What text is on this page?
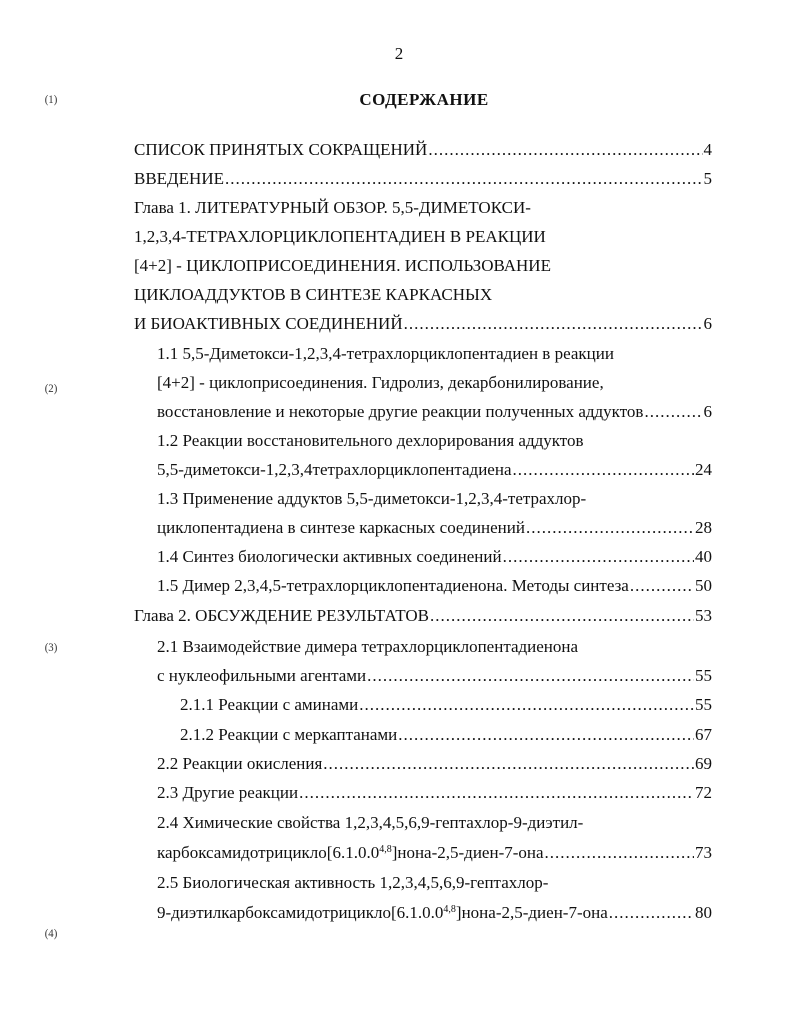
2
СОДЕРЖАНИЕ
(1)
(2)
(3)
(4)
СПИСОК ПРИНЯТЫХ СОКРАЩЕНИЙ .....	4
ВВЕДЕНИЕ .....	5
Глава 1. ЛИТЕРАТУРНЫЙ ОБЗОР. 5,5-ДИМЕТОКСИ-
1,2,3,4-ТЕТРАХЛОРЦИКЛОПЕНТАДИЕН В РЕАКЦИИ
[4+2] - ЦИКЛОПРИСОЕДИНЕНИЯ. ИСПОЛЬЗОВАНИЕ
ЦИКЛОАДДУКТОВ В СИНТЕЗЕ КАРКАСНЫХ
И БИОАКТИВНЫХ СОЕДИНЕНИЙ .....	6
1.1 5,5-Диметокси-1,2,3,4-тетрахлорциклопентадиен в реакции
[4+2] - циклоприсоединения. Гидролиз, декарбонилирование,
восстановление и некоторые другие реакции полученных аддуктов .....	6
1.2 Реакции восстановительного дехлорирования аддуктов
5,5-диметокси-1,2,3,4тетрахлорциклопентадиена .....	24
1.3 Применение аддуктов 5,5-диметокси-1,2,3,4-тетрахлор-
циклопентадиена в синтезе каркасных соединений .....	28
1.4 Синтез биологически активных соединений .....	40
1.5 Димер 2,3,4,5-тетрахлорциклопентадиенона. Методы синтеза .....	50
Глава 2. ОБСУЖДЕНИЕ РЕЗУЛЬТАТОВ .....	53
2.1 Взаимодействие димера тетрахлорциклопентадиенона
с нуклеофильными агентами .....	55
2.1.1 Реакции с аминами .....	55
2.1.2 Реакции с меркаптанами .....	67
2.2 Реакции окисления .....	69
2.3 Другие реакции .....	72
2.4 Химические свойства 1,2,3,4,5,6,9-гептахлор-9-диэтил-
карбоксамидотрицикло[6.1.0.0$^{4,8}$]нона-2,5-диен-7-она .....	73
2.5 Биологическая активность 1,2,3,4,5,6,9-гептахлор-
9-диэтилкарбоксамидотрицикло[6.1.0.0$^{4,8}$]нона-2,5-диен-7-она .....	80
